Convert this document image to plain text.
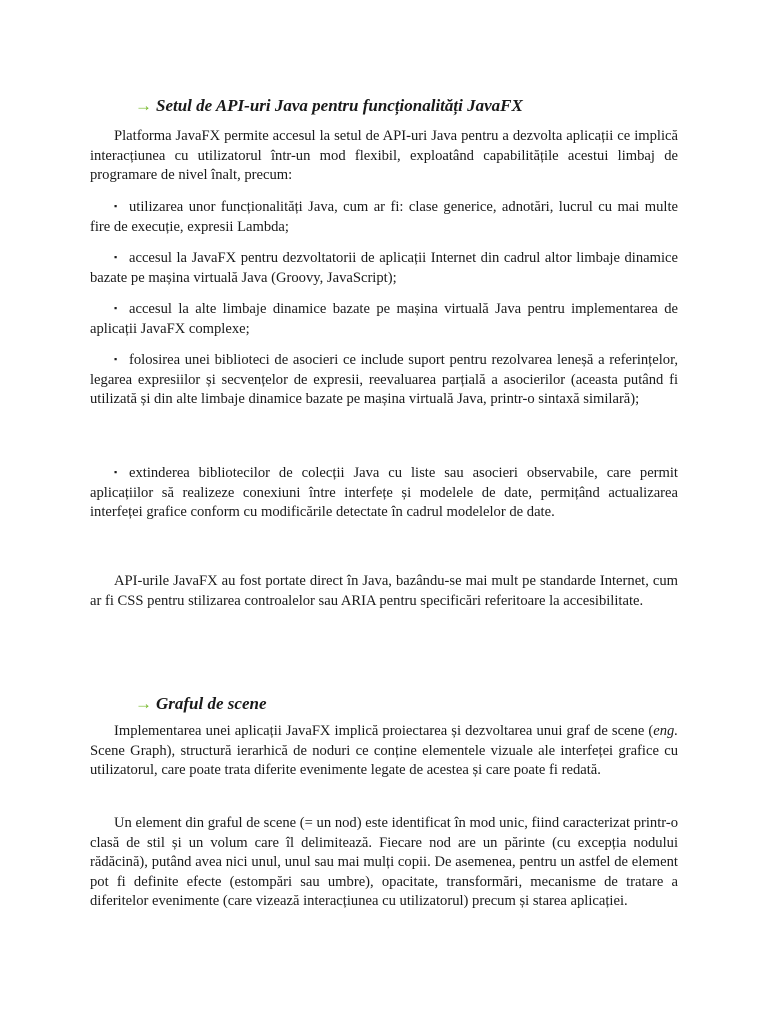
→ Setul de API-uri Java pentru funcționalități JavaFX

Platforma JavaFX permite accesul la setul de API-uri Java pentru a dezvolta aplicații ce implică interacțiunea cu utilizatorul într-un mod flexibil, exploatând capabilitățile acestui limbaj de programare de nivel înalt, precum:

▪ utilizarea unor funcționalități Java, cum ar fi: clase generice, adnotări, lucrul cu mai multe fire de execuție, expresii Lambda;

▪ accesul la JavaFX pentru dezvoltatorii de aplicații Internet din cadrul altor limbaje dinamice bazate pe mașina virtuală Java (Groovy, JavaScript);

▪ accesul la alte limbaje dinamice bazate pe mașina virtuală Java pentru implementarea de aplicații JavaFX complexe;

▪ folosirea unei biblioteci de asocieri ce include suport pentru rezolvarea leneșă a referințelor, legarea expresiilor și secvențelor de expresii, reevaluarea parțială a asocierilor (aceasta putând fi utilizată și din alte limbaje dinamice bazate pe mașina virtuală Java, printr-o sintaxă similară);

▪ extinderea bibliotecilor de colecții Java cu liste sau asocieri observabile, care permit aplicațiilor să realizeze conexiuni între interfețe și modelele de date, permițând actualizarea interfeței grafice conform cu modificările detectate în cadrul modelelor de date.

API-urile JavaFX au fost portate direct în Java, bazându-se mai mult pe standarde Internet, cum ar fi CSS pentru stilizarea controalelor sau ARIA pentru specificări referitoare la accesibilitate.

→ Graful de scene

Implementarea unei aplicații JavaFX implică proiectarea și dezvoltarea unui graf de scene (eng. Scene Graph), structură ierarhică de noduri ce conține elementele vizuale ale interfeței grafice cu utilizatorul, care poate trata diferite evenimente legate de acestea și care poate fi redată.

Un element din graful de scene (= un nod) este identificat în mod unic, fiind caracterizat printr-o clasă de stil și un volum care îl delimitează. Fiecare nod are un părinte (cu excepția nodului rădăcină), putând avea nici unul, unul sau mai mulți copii. De asemenea, pentru un astfel de element pot fi definite efecte (estompări sau umbre), opacitate, transformări, mecanisme de tratare a diferitelor evenimente (care vizează interacțiunea cu utilizatorul) precum și starea aplicației.
